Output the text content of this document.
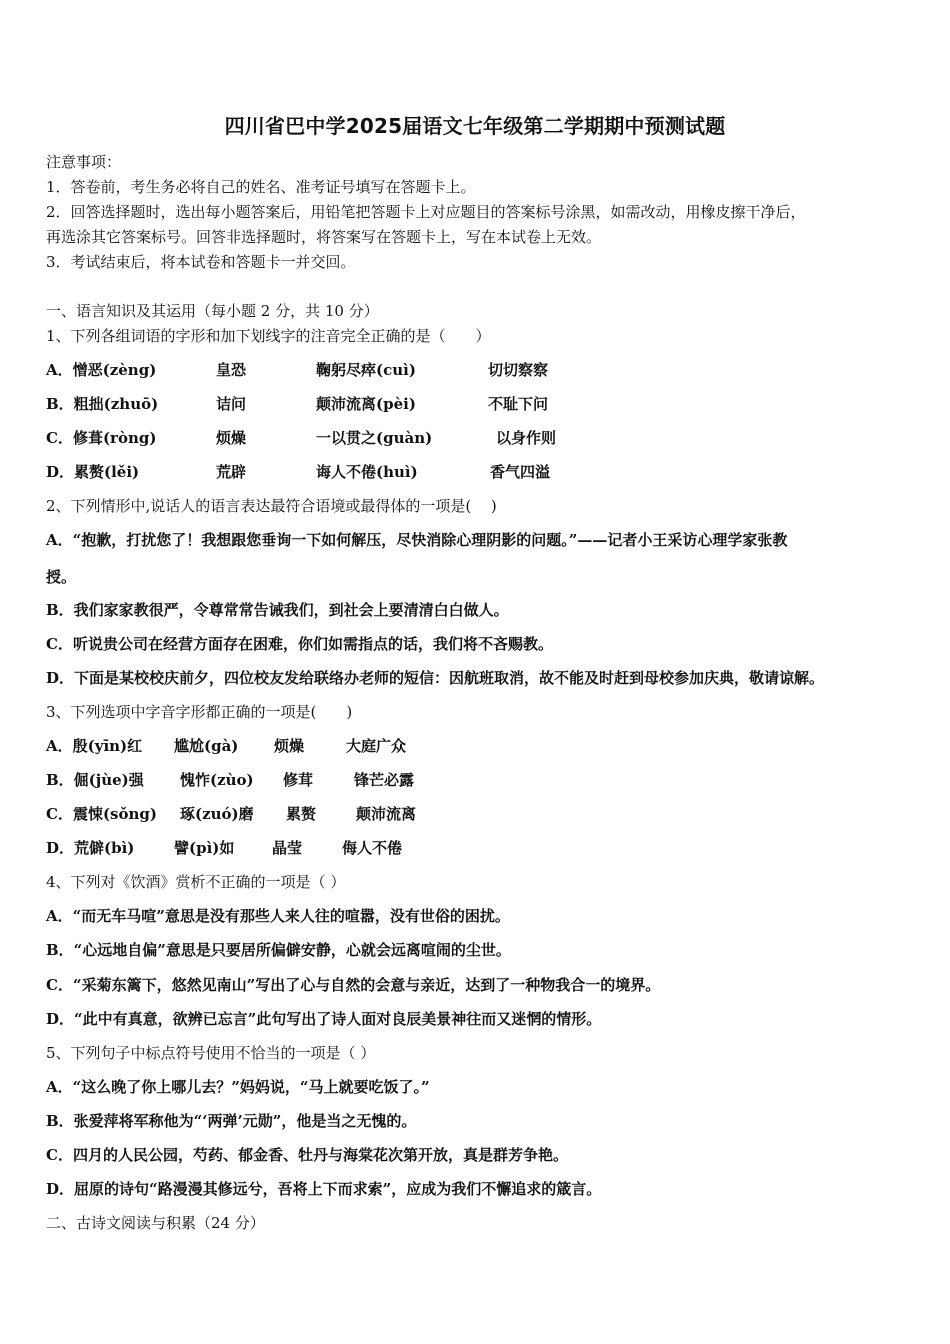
四川省巴中学2025届语文七年级第二学期期中预测试题
注意事项：
1．答卷前，考生务必将自己的姓名、准考证号填写在答题卡上。
2．回答选择题时，选出每小题答案后，用铅笔把答题卡上对应题目的答案标号涂黑，如需改动，用橡皮擦干净后，
再选涂其它答案标号。回答非选择题时，将答案写在答题卡上，写在本试卷上无效。
3．考试结束后，将本试卷和答题卡一并交回。
一、语言知识及其运用（每小题 2 分，共 10 分）
1、下列各组词语的字形和加下划线字的注音完全正确的是（　　）
A．憎恶(zèng)	皇恐	鞠躬尽瘁(cuì)	切切察察
B．粗拙(zhuō)	诘问	颠沛流离(pèi)	不耻下问
C．修葺(ròng)	烦燥	一以贯之(guàn)	以身作则
D．累赘(lěi)	荒辟	诲人不倦(huì)	香气四溢
2、下列情形中,说话人的语言表达最符合语境或最得体的一项是(　 )
A．“抱歉，打扰您了！我想跟您垂询一下如何解压，尽快消除心理阴影的问题。”——记者小王采访心理学家张教
授。
B．我们家家教很严，令尊常常告诫我们，到社会上要清清白白做人。
C．听说贵公司在经营方面存在困难，你们如需指点的话，我们将不吝赐教。
D．下面是某校校庆前夕，四位校友发给联络办老师的短信：因航班取消，故不能及时赶到母校参加庆典，敬请谅解。
3、下列选项中字音字形都正确的一项是(　　)
A．殷(yīn)红 尴尬(gà) 烦燥	大庭广众
B．倔(jùe)强 愧怍(zùo) 修茸	锋芒必露
C．震悚(sǒng) 琢(zuó)磨 累赘	颠沛流离
D．荒僻(bì)	譬(pì)如	晶莹	侮人不倦
4、下列对《饮酒》赏析不正确的一项是（ ）
A．“而无车马喧”意思是没有那些人来人往的喧嚣，没有世俗的困扰。
B．“心远地自偏”意思是只要居所偏僻安静，心就会远离喧闹的尘世。
C．“采菊东篱下，悠然见南山”写出了心与自然的会意与亲近，达到了一种物我合一的境界。
D．“此中有真意，欲辨已忘言”此句写出了诗人面对良辰美景神往而又迷惘的情形。
5、下列句子中标点符号使用不恰当的一项是（ ）
A．“这么晚了你上哪儿去？”妈妈说，“马上就要吃饭了。”
B．张爱萍将军称他为“‘两弹’元勋”，他是当之无愧的。
C．四月的人民公园，芍药、郁金香、牡丹与海棠花次第开放，真是群芳争艳。
D．屈原的诗句“路漫漫其修远兮，吾将上下而求索”，应成为我们不懈追求的箴言。
二、古诗文阅读与积累（24 分）
